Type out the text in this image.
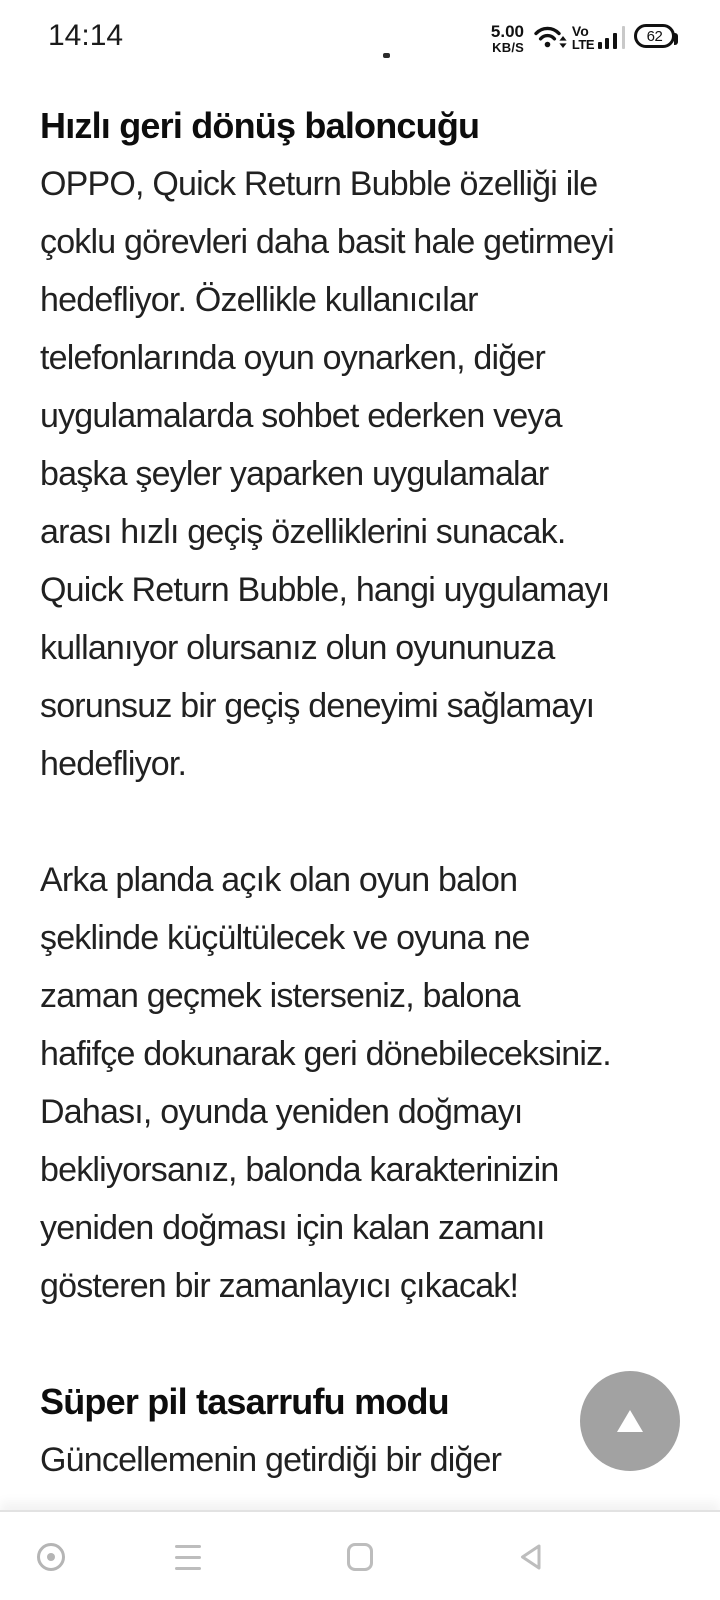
14:14	5.00
KB/S
Vo
LTE	62
Hızlı geri dönüş baloncuğu
OPPO, Quick Return Bubble özelliği ile
çoklu görevleri daha basit hale getirmeyi
hedefliyor. Özellikle kullanıcılar
telefonlarında oyun oynarken, diğer
uygulamalarda sohbet ederken veya
başka şeyler yaparken uygulamalar
arası hızlı geçiş özelliklerini sunacak.
Quick Return Bubble, hangi uygulamayı
kullanıyor olursanız olun oyununuza
sorunsuz bir geçiş deneyimi sağlamayı
hedefliyor.
Arka planda açık olan oyun balon
şeklinde küçültülecek ve oyuna ne
zaman geçmek isterseniz, balona
hafifçe dokunarak geri dönebileceksiniz.
Dahası, oyunda yeniden doğmayı
bekliyorsanız, balonda karakterinizin
yeniden doğması için kalan zamanı
gösteren bir zamanlayıcı çıkacak!
Süper pil tasarrufu modu
Güncellemenin getirdiği bir diğer
